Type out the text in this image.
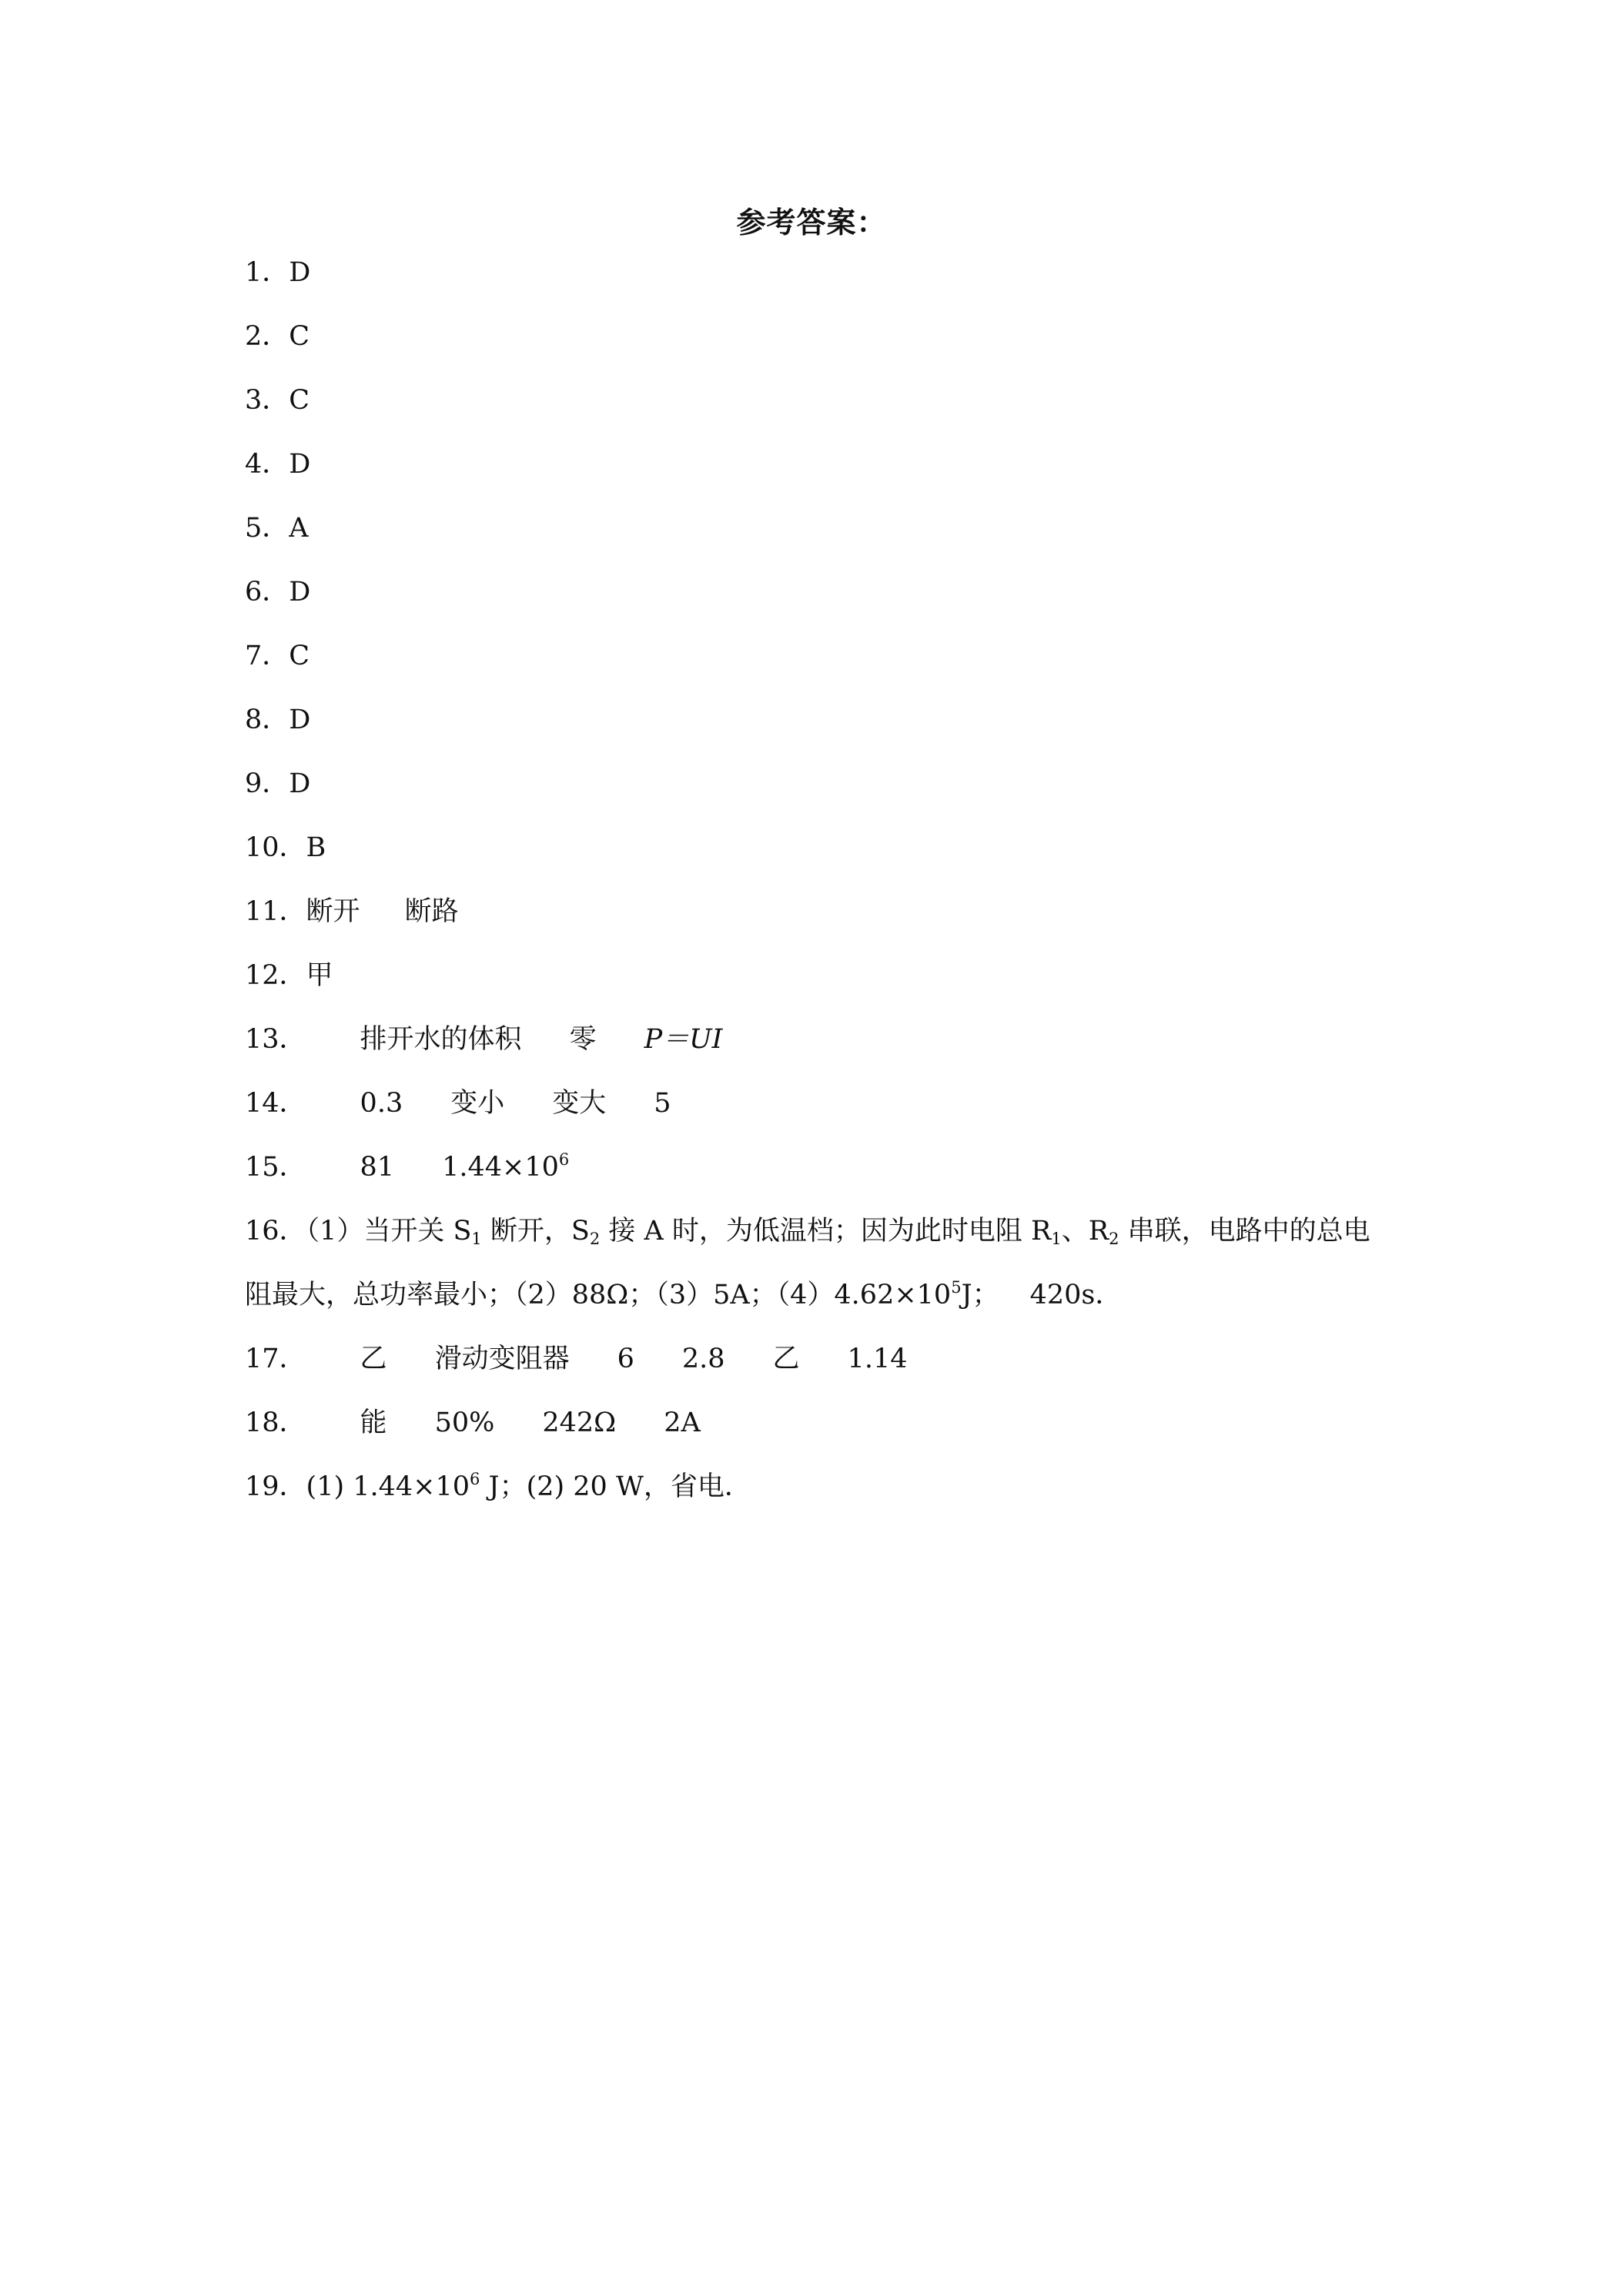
参考答案：
1．D
2．C
3．C
4．D
5．A
6．D
7．C
8．D
9．D
10．B
11．断开 断路
12．甲
13． 排开水的体积 零 P＝UI
14． 0.3 变小 变大 5
15． 81 $1.44\times 10^6$
16．（1）当开关 $S_1$ 断开，$S_2$ 接 A 时，为低温档；因为此时电阻 $R_1$、$R_2$ 串联，电路中的总电
阻最大，总功率最小；（2）88Ω；（3）5A；$(4)4.62\times 10^5J$； 420s．
17． 乙 滑动变阻器 6 2.8 乙 1.14
18． 能 50% 242Ω 2A
19．(1) $1.44\times 10^6$ J；(2) 20 W，省电．
